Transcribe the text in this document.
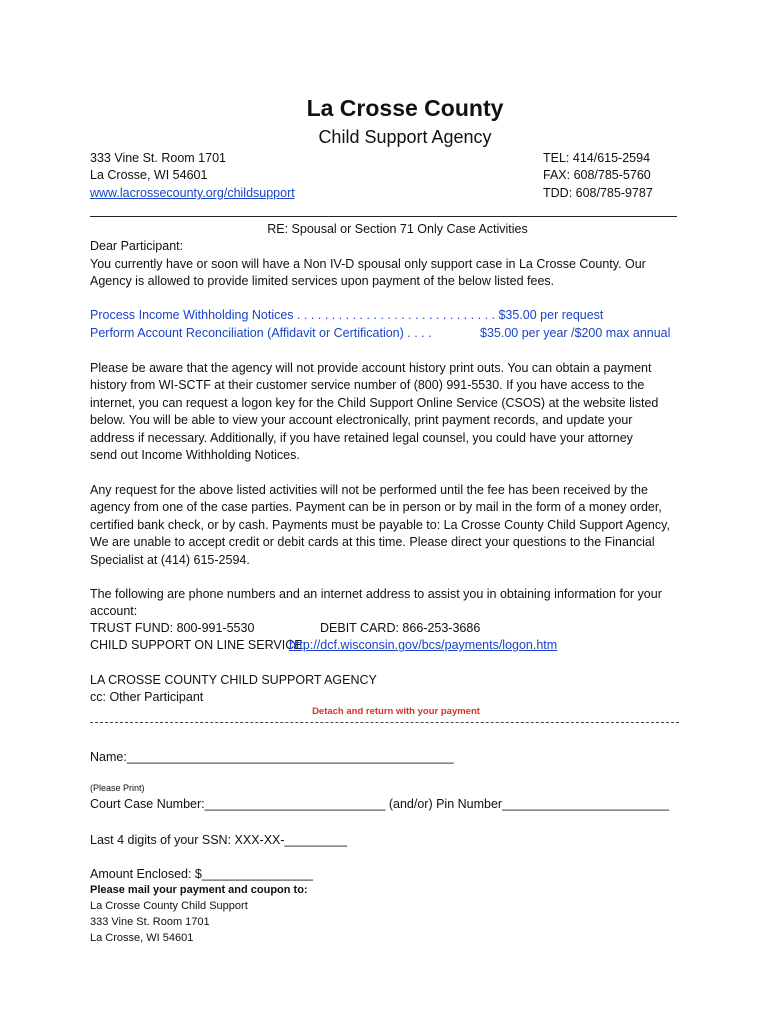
La Crosse County
Child Support Agency
333 Vine St. Room 1701
La Crosse, WI 54601
www.lacrossecounty.org/childsupport
TEL: 414/615-2594
FAX: 608/785-5760
TDD: 608/785-9787
RE: Spousal or Section 71 Only Case Activities
Dear Participant:

You currently have or soon will have a Non IV-D spousal only support case in La Crosse County. Our

Agency is allowed to provide limited services upon payment of the below listed fees.

Process Income Withholding Notices . . . . . . . . . . . . . . . . . . . . . . . . . . . . . $35.00 per request
Perform Account Reconciliation (Affidavit or Certification) . . . .	$35.00 per year /$200 max annual

Please be aware that the agency will not provide account history print outs. You can obtain a payment

history from WI-SCTF at their customer service number of (800) 991-5530. If you have access to the

internet, you can request a logon key for the Child Support Online Service (CSOS) at the website listed

below. You will be able to view your account electronically, print payment records, and update your

address if necessary. Additionally, if you have retained legal counsel, you could have your attorney

send out Income Withholding Notices.

Any request for the above listed activities will not be performed until the fee has been received by the

agency from one of the case parties. Payment can be in person or by mail in the form of a money order,

certified bank check, or by cash. Payments must be payable to: La Crosse County Child Support Agency,

We are unable to accept credit or debit cards at this time. Please direct your questions to the Financial

Specialist at (414) 615-2594.

The following are phone numbers and an internet address to assist you in obtaining information for your

account:

TRUST FUND: 800-991-5530	DEBIT CARD: 866-253-3686
CHILD SUPPORT ON LINE SERVICE:
http://dcf.wisconsin.gov/bcs/payments/logon.htm
LA CROSSE COUNTY CHILD SUPPORT AGENCY
cc: Other Participant
Detach and return with your payment
Name:_______________________________________________
(Please Print)
Court Case Number:__________________________ (and/or) Pin Number________________________
Last 4 digits of your SSN: XXX-XX-_________
Amount Enclosed: $________________
Please mail your payment and coupon to:
La Crosse County Child Support
333 Vine St. Room 1701
La Crosse, WI 54601
